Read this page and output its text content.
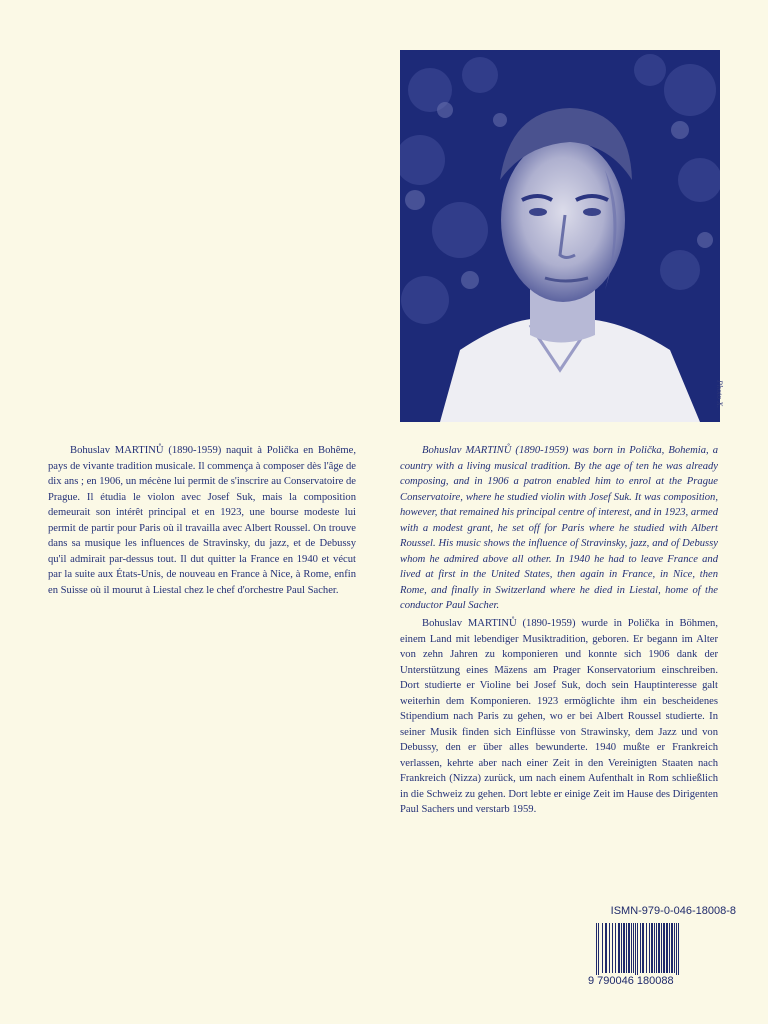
Photo X.

Bohuslav MARTINŮ (1890-1959) naquit à Polička en Bohême, pays de vivante tradition musicale. Il commença à composer dès l'âge de dix ans ; en 1906, un mécène lui permit de s'inscrire au Conservatoire de Prague. Il étudia le violon avec Josef Suk, mais la composition demeurait son intérêt principal et en 1923, une bourse modeste lui permit de partir pour Paris où il travailla avec Albert Roussel. On trouve dans sa musique les influences de Stravinsky, du jazz, et de Debussy qu'il admirait par-dessus tout. Il dut quitter la France en 1940 et vécut par la suite aux États-Unis, de nouveau en France à Nice, à Rome, enfin en Suisse où il mourut à Liestal chez le chef d'orchestre Paul Sacher.

Bohuslav MARTINŮ (1890-1959) was born in Polička, Bohemia, a country with a living musical tradition. By the age of ten he was already composing, and in 1906 a patron enabled him to enrol at the Prague Conservatoire, where he studied violin with Josef Suk. It was composition, however, that remained his principal centre of interest, and in 1923, armed with a modest grant, he set off for Paris where he studied with Albert Roussel. His music shows the influence of Stravinsky, jazz, and of Debussy whom he admired above all other. In 1940 he had to leave France and lived at first in the United States, then again in France, in Nice, then Rome, and finally in Switzerland where he died in Liestal, home of the conductor Paul Sacher.

Bohuslav MARTINŮ (1890-1959) wurde in Polička in Böhmen, einem Land mit lebendiger Musiktradition, geboren. Er begann im Alter von zehn Jahren zu komponieren und konnte sich 1906 dank der Unterstützung eines Mäzens am Prager Konservatorium einschreiben. Dort studierte er Violine bei Josef Suk, doch sein Hauptinteresse galt weiterhin dem Komponieren. 1923 ermöglichte ihm ein bescheidenes Stipendium nach Paris zu gehen, wo er bei Albert Roussel studierte. In seiner Musik finden sich Einflüsse von Strawinsky, dem Jazz und von Debussy, den er über alles bewunderte. 1940 mußte er Frankreich verlassen, kehrte aber nach einer Zeit in den Vereinigten Staaten nach Frankreich (Nizza) zurück, um nach einem Aufenthalt in Rom schließlich in die Schweiz zu gehen. Dort lebte er einige Zeit im Hause des Dirigenten Paul Sachers und verstarb 1959.

ISMN-979-0-046-18008-8
9 790046 180088
